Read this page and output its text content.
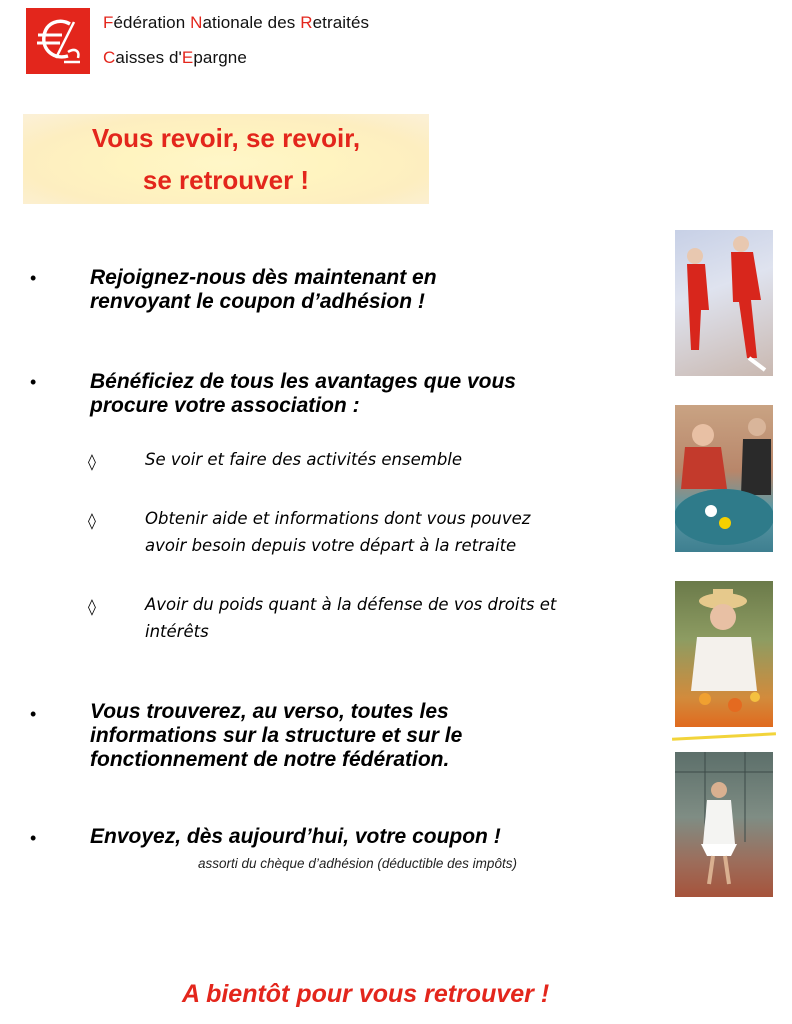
Fédération Nationale des Retraités
Caisses d'Epargne
Vous revoir, se revoir,
se retrouver !
•	Rejoignez-nous dès maintenant en
renvoyant le coupon d’adhésion !
•	Bénéficiez de tous les avantages que vous
procure votre association :
◊	Se voir et faire des activités ensemble
◊	Obtenir aide et informations dont vous pouvez
avoir besoin depuis votre départ à la retraite
◊	Avoir du poids quant à la défense de vos droits et
intérêts
•	Vous trouverez, au verso, toutes les
informations sur la structure et sur le
fonctionnement de notre fédération.
•	Envoyez, dès aujourd’hui, votre coupon !
assorti du chèque d’adhésion (déductible des impôts)
A bientôt pour vous retrouver !
